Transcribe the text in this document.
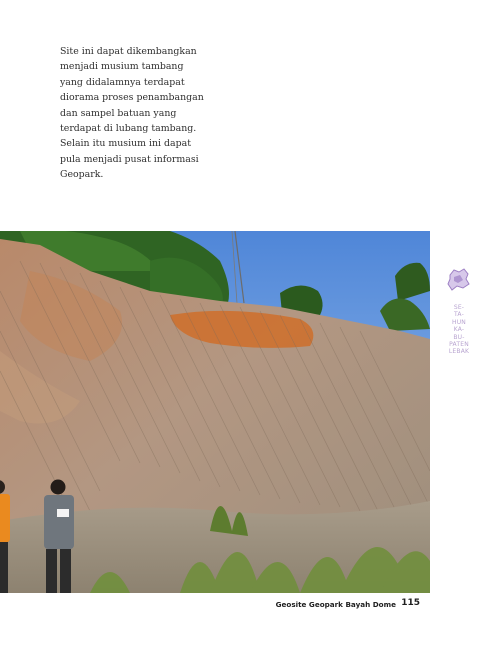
Site ini dapat dikembangkan
menjadi musium tambang
yang didalamnya terdapat
diorama proses penambangan
dan sampel batuan yang
terdapat di lubang tambang.
Selain itu musium ini dapat
pula menjadi pusat informasi
Geopark.
SE-
TA-
HUN
KA-
BU-
PATEN
LEBAK
Geosite Geopark Bayah Dome 115
